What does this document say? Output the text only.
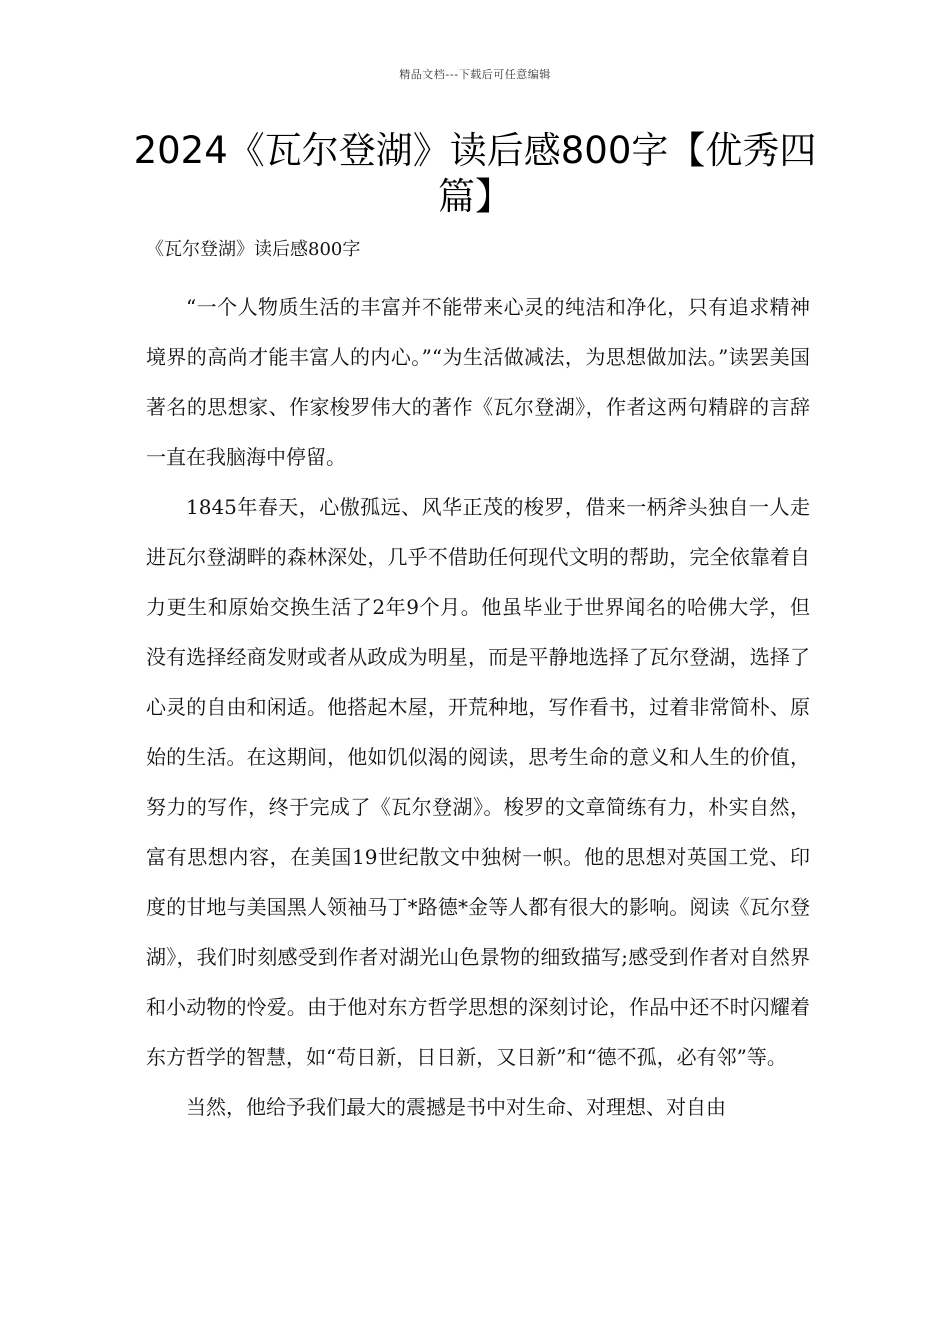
精品文档---下载后可任意编辑
2024《瓦尔登湖》读后感800字【优秀四篇】
《瓦尔登湖》读后感800字

“一个人物质生活的丰富并不能带来心灵的纯洁和净化，只有追求精神境界的高尚才能丰富人的内心。”“为生活做减法，为思想做加法。”读罢美国著名的思想家、作家梭罗伟大的著作《瓦尔登湖》，作者这两句精辟的言辞一直在我脑海中停留。

1845年春天，心傲孤远、风华正茂的梭罗，借来一柄斧头独自一人走进瓦尔登湖畔的森林深处，几乎不借助任何现代文明的帮助，完全依靠着自力更生和原始交换生活了2年9个月。他虽毕业于世界闻名的哈佛大学，但没有选择经商发财或者从政成为明星，而是平静地选择了瓦尔登湖，选择了心灵的自由和闲适。他搭起木屋，开荒种地，写作看书，过着非常简朴、原始的生活。在这期间，他如饥似渴的阅读，思考生命的意义和人生的价值，努力的写作，终于完成了《瓦尔登湖》。梭罗的文章简练有力，朴实自然，富有思想内容，在美国19世纪散文中独树一帜。他的思想对英国工党、印度的甘地与美国黑人领袖马丁*路德*金等人都有很大的影响。阅读《瓦尔登湖》，我们时刻感受到作者对湖光山色景物的细致描写;感受到作者对自然界和小动物的怜爱。由于他对东方哲学思想的深刻讨论，作品中还不时闪耀着东方哲学的智慧，如“苟日新，日日新，又日新”和“德不孤，必有邻”等。

当然，他给予我们最大的震撼是书中对生命、对理想、对自由
